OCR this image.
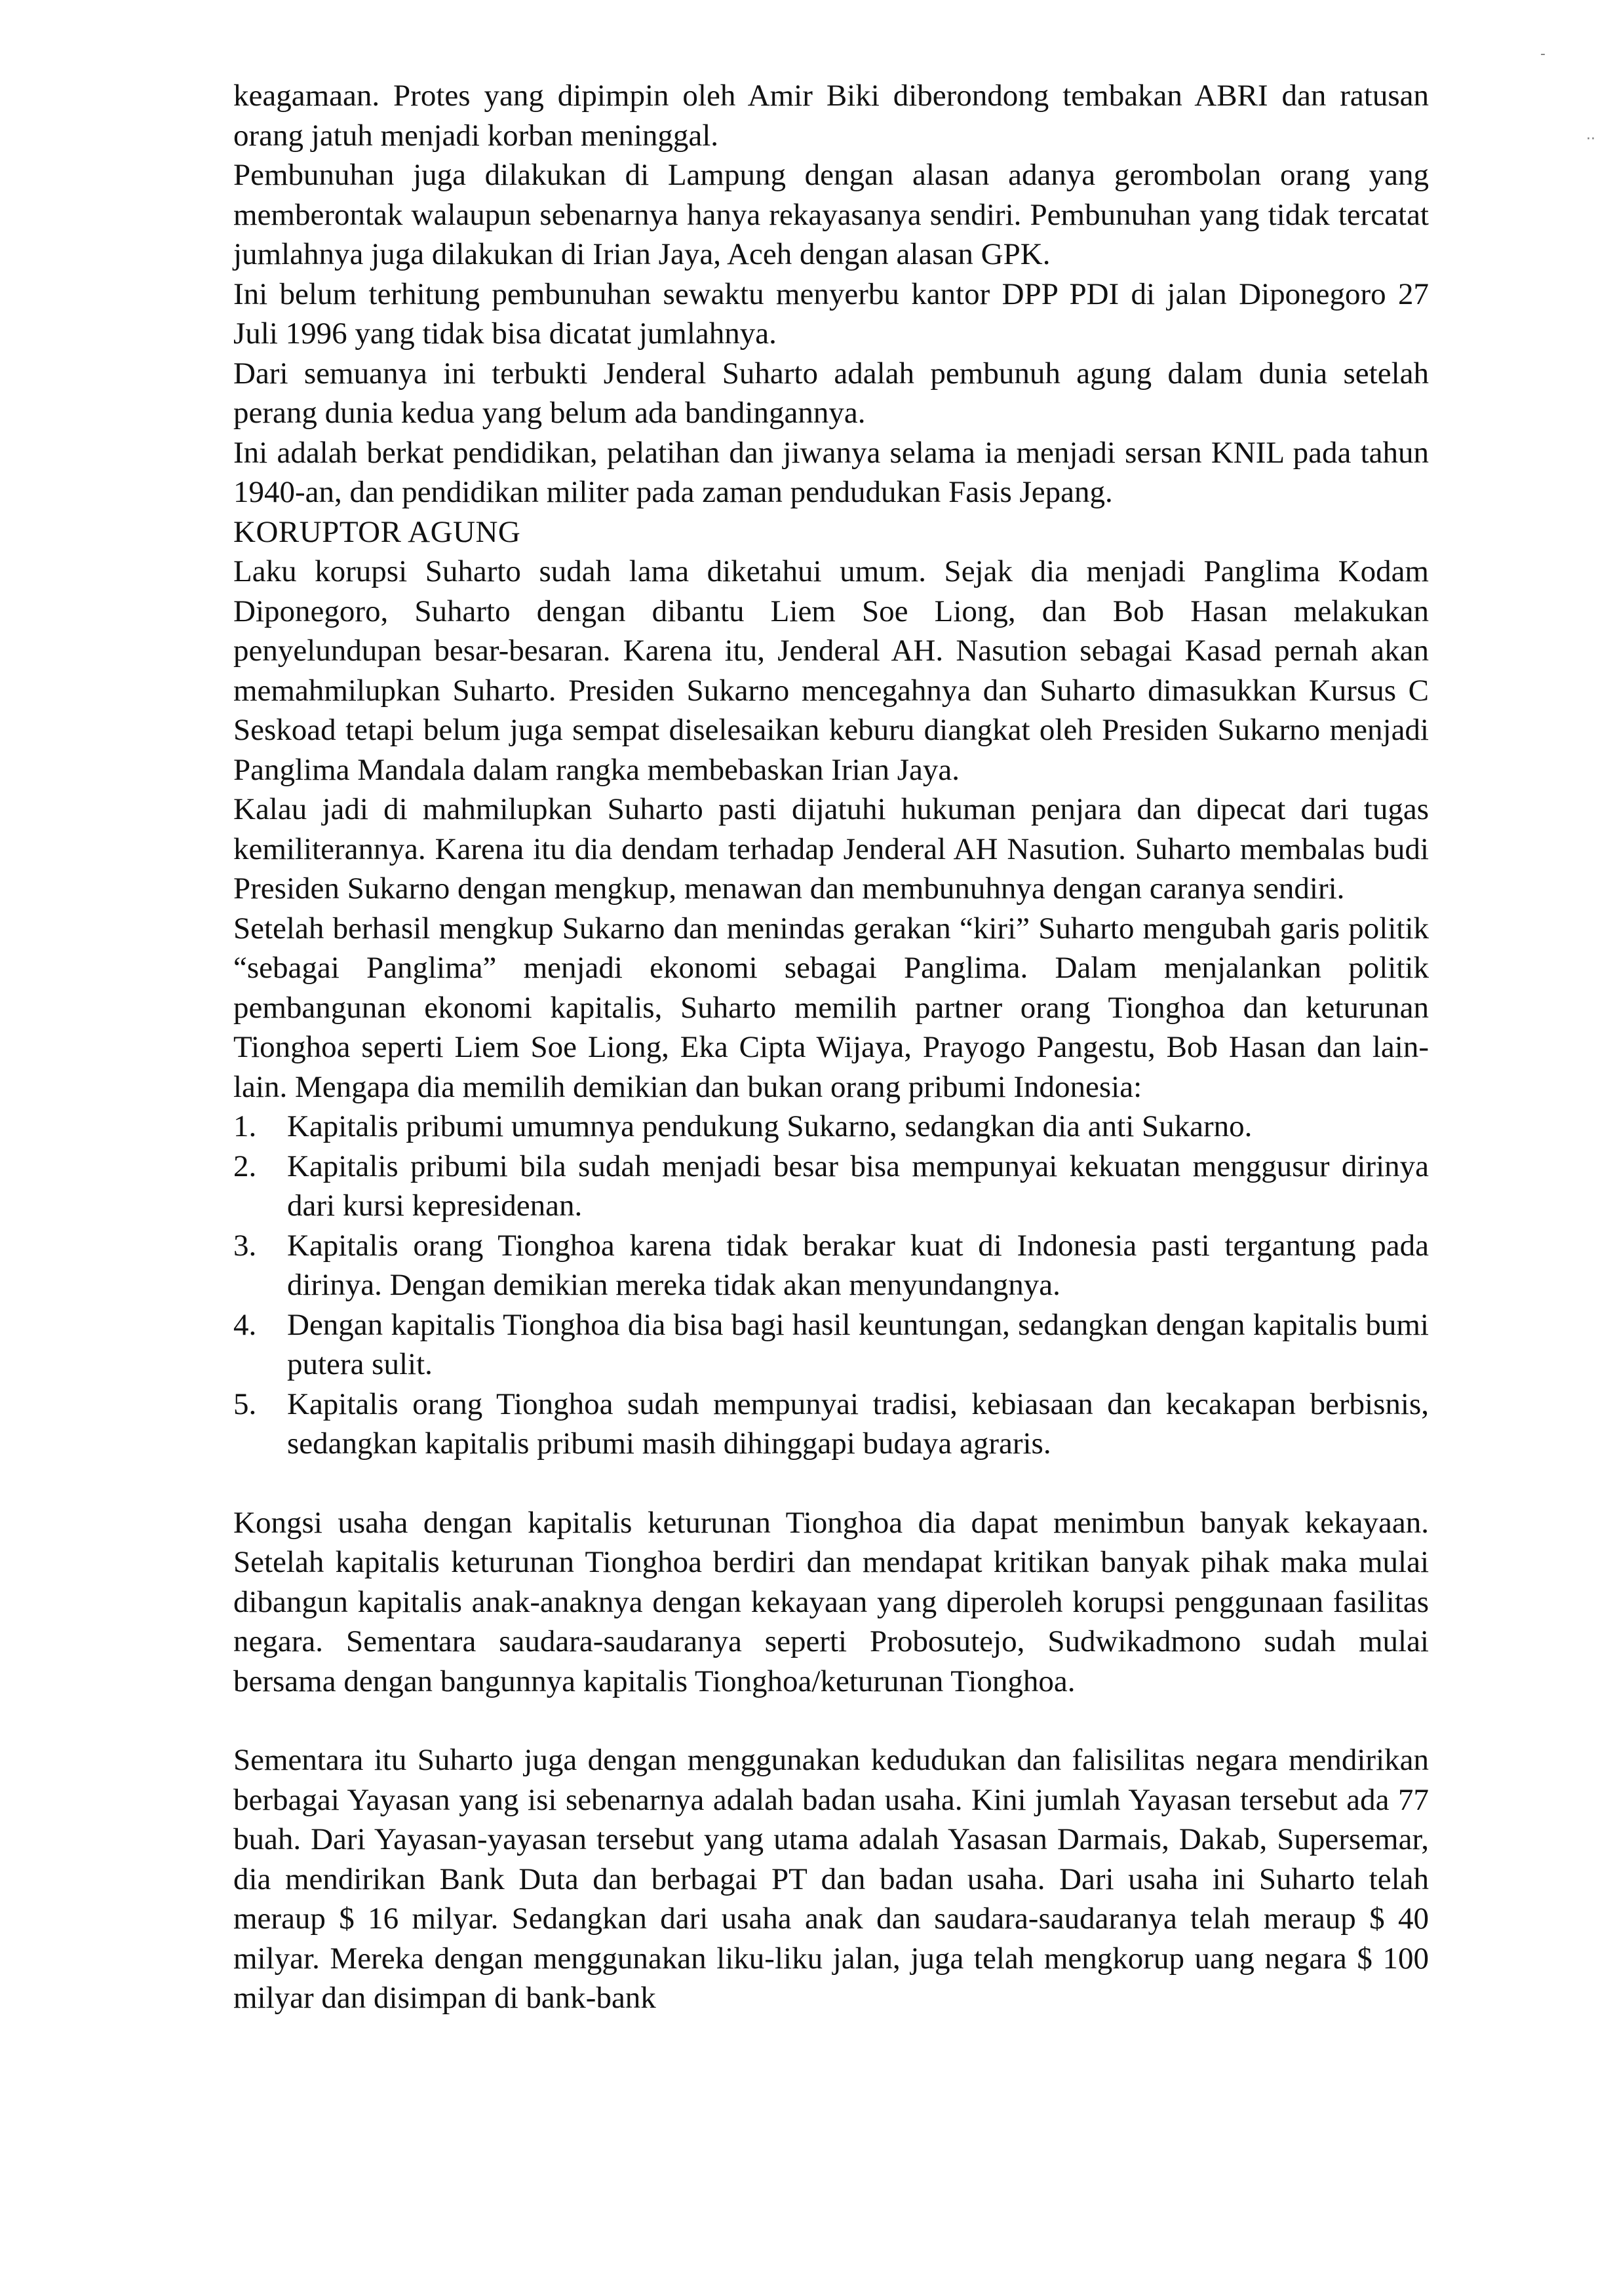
-
··

keagamaan. Protes yang dipimpin oleh Amir Biki diberondong tembakan ABRI dan ratusan orang jatuh menjadi korban meninggal.

Pembunuhan juga dilakukan di Lampung dengan alasan adanya gerombolan orang yang memberontak walaupun sebenarnya hanya rekayasanya sendiri. Pembunuhan yang tidak tercatat jumlahnya juga dilakukan di Irian Jaya, Aceh dengan alasan GPK.

Ini belum terhitung pembunuhan sewaktu menyerbu kantor DPP PDI di jalan Diponegoro 27 Juli 1996 yang tidak bisa dicatat jumlahnya.

Dari semuanya ini terbukti Jenderal Suharto adalah pembunuh agung dalam dunia setelah perang dunia kedua yang belum ada bandingannya.

Ini adalah berkat pendidikan, pelatihan dan jiwanya selama ia menjadi sersan KNIL pada tahun 1940-an, dan pendidikan militer pada zaman pendudukan Fasis Jepang.

KORUPTOR AGUNG

Laku korupsi Suharto sudah lama diketahui umum. Sejak dia menjadi Panglima Kodam Diponegoro, Suharto dengan dibantu Liem Soe Liong, dan Bob Hasan melakukan penyelundupan besar-besaran. Karena itu, Jenderal AH. Nasution sebagai Kasad pernah akan memahmilupkan Suharto. Presiden Sukarno mencegahnya dan Suharto dimasukkan Kursus C Seskoad tetapi belum juga sempat diselesaikan keburu diangkat oleh Presiden Sukarno menjadi Panglima Mandala dalam rangka membebaskan Irian Jaya.

Kalau jadi di mahmilupkan Suharto pasti dijatuhi hukuman penjara dan dipecat dari tugas kemiliterannya. Karena itu dia dendam terhadap Jenderal AH Nasution. Suharto membalas budi Presiden Sukarno dengan mengkup, menawan dan membunuhnya dengan caranya sendiri.

Setelah berhasil mengkup Sukarno dan menindas gerakan “kiri” Suharto mengubah garis politik “sebagai Panglima” menjadi ekonomi sebagai Panglima. Dalam menjalankan politik pembangunan ekonomi kapitalis, Suharto memilih partner orang Tionghoa dan keturunan Tionghoa seperti Liem Soe Liong, Eka Cipta Wijaya, Prayogo Pangestu, Bob Hasan dan lain-lain. Mengapa dia memilih demikian dan bukan orang pribumi Indonesia:

1. Kapitalis pribumi umumnya pendukung Sukarno, sedangkan dia anti Sukarno.
2. Kapitalis pribumi bila sudah menjadi besar bisa mempunyai kekuatan menggusur dirinya dari kursi kepresidenan.
3. Kapitalis orang Tionghoa karena tidak berakar kuat di Indonesia pasti tergantung pada dirinya. Dengan demikian mereka tidak akan menyundangnya.
4. Dengan kapitalis Tionghoa dia bisa bagi hasil keuntungan, sedangkan dengan kapitalis bumi putera sulit.
5. Kapitalis orang Tionghoa sudah mempunyai tradisi, kebiasaan dan kecakapan berbisnis, sedangkan kapitalis pribumi masih dihinggapi budaya agraris.

Kongsi usaha dengan kapitalis keturunan Tionghoa dia dapat menimbun banyak kekayaan. Setelah kapitalis keturunan Tionghoa berdiri dan mendapat kritikan banyak pihak maka mulai dibangun kapitalis anak-anaknya dengan kekayaan yang diperoleh korupsi penggunaan fasilitas negara. Sementara saudara-saudaranya seperti Probosutejo, Sudwikadmono sudah mulai bersama dengan bangunnya kapitalis Tionghoa/keturunan Tionghoa.

Sementara itu Suharto juga dengan menggunakan kedudukan dan falisilitas negara mendirikan berbagai Yayasan yang isi sebenarnya adalah badan usaha. Kini jumlah Yayasan tersebut ada 77 buah. Dari Yayasan-yayasan tersebut yang utama adalah Yasasan Darmais, Dakab, Supersemar, dia mendirikan Bank Duta dan berbagai PT dan badan usaha. Dari usaha ini Suharto telah meraup $ 16 milyar. Sedangkan dari usaha anak dan saudara-saudaranya telah meraup $ 40 milyar. Mereka dengan menggunakan liku-liku jalan, juga telah mengkorup uang negara $ 100 milyar dan disimpan di bank-bank
